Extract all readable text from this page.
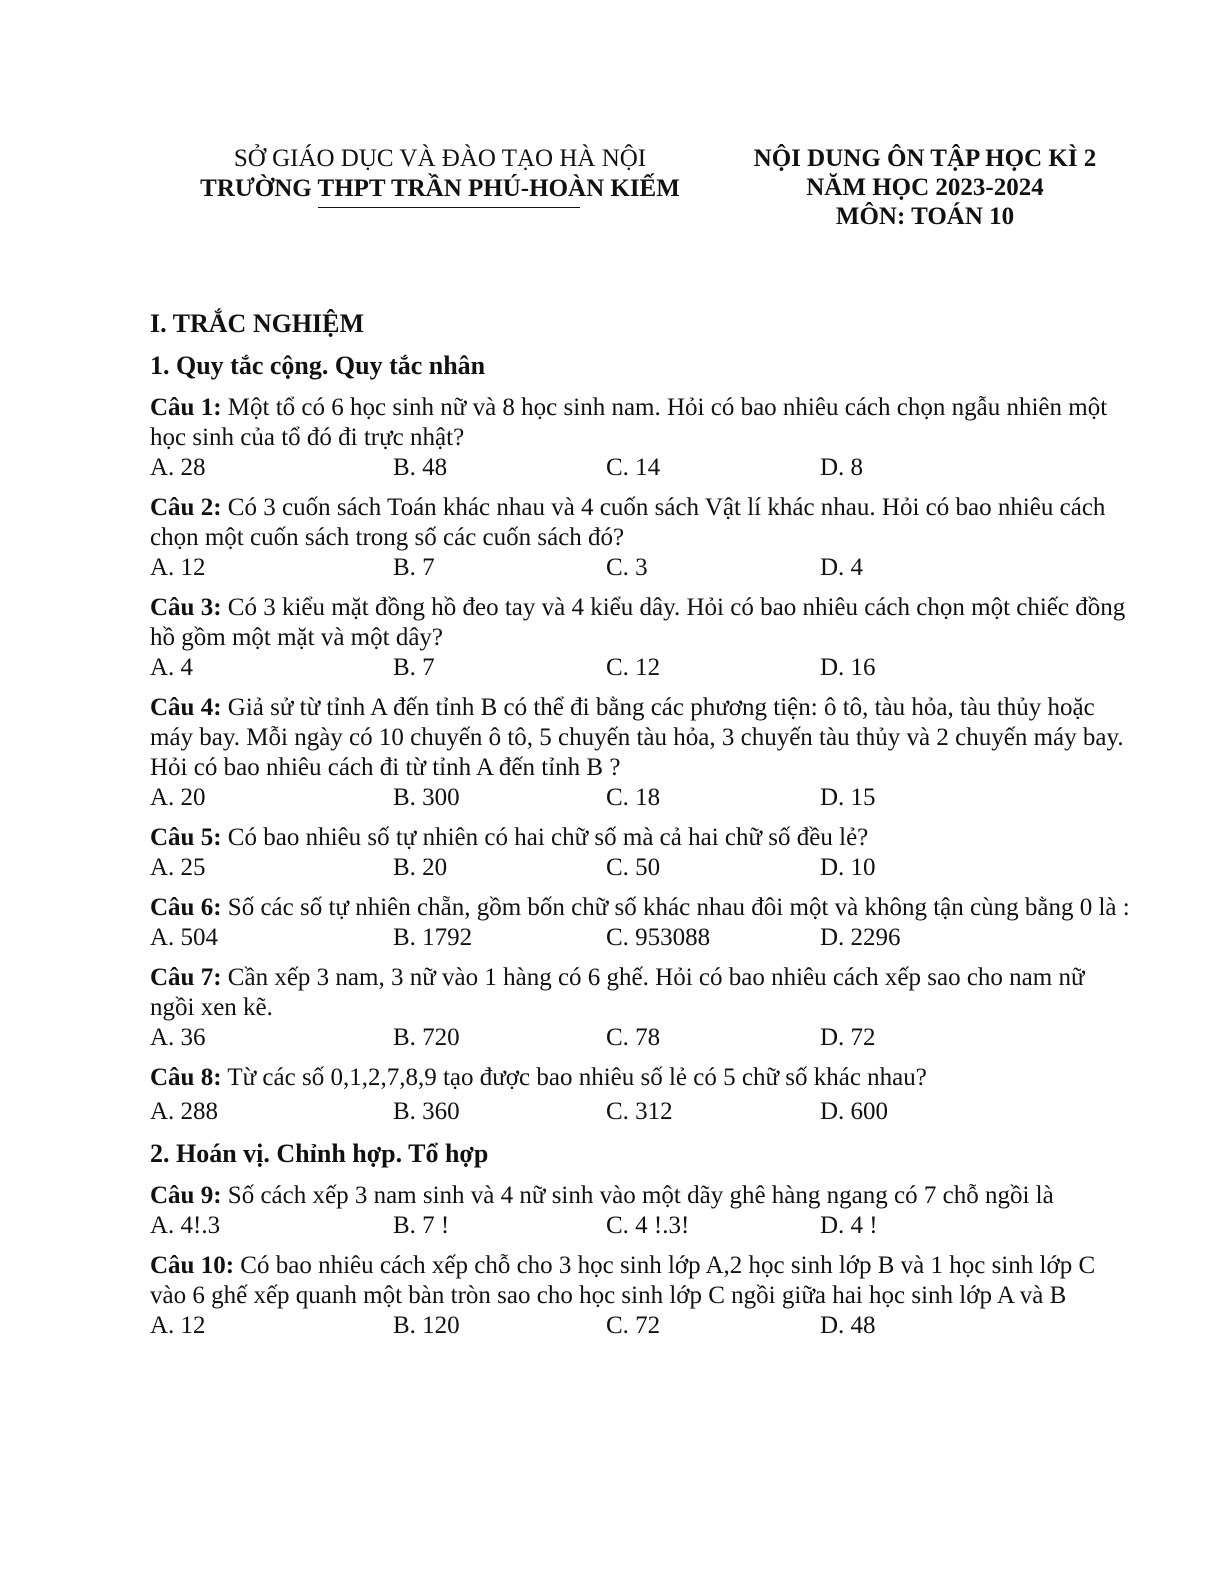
SỞ GIÁO DỤC VÀ ĐÀO TẠO HÀ NỘI
TRƯỜNG THPT TRẦN PHÚ-HOÀN KIẾM
NỘI DUNG ÔN TẬP HỌC KÌ 2
NĂM HỌC 2023-2024
MÔN: TOÁN 10
I. TRẮC NGHIỆM
1. Quy tắc cộng. Quy tắc nhân
Câu 1: Một tổ có 6 học sinh nữ và 8 học sinh nam. Hỏi có bao nhiêu cách chọn ngẫu nhiên một học sinh của tổ đó đi trực nhật?
A. 28	B. 48	C. 14	D. 8
Câu 2: Có 3 cuốn sách Toán khác nhau và 4 cuốn sách Vật lí khác nhau. Hỏi có bao nhiêu cách chọn một cuốn sách trong số các cuốn sách đó?
A. 12	B. 7	C. 3	D. 4
Câu 3: Có 3 kiểu mặt đồng hồ đeo tay và 4 kiểu dây. Hỏi có bao nhiêu cách chọn một chiếc đồng hồ gồm một mặt và một dây?
A. 4	B. 7	C. 12	D. 16
Câu 4: Giả sử từ tỉnh A đến tỉnh B có thể đi bằng các phương tiện: ô tô, tàu hỏa, tàu thủy hoặc máy bay. Mỗi ngày có 10 chuyến ô tô, 5 chuyến tàu hỏa, 3 chuyến tàu thủy và 2 chuyến máy bay. Hỏi có bao nhiêu cách đi từ tỉnh A đến tỉnh B ?
A. 20	B. 300	C. 18	D. 15
Câu 5: Có bao nhiêu số tự nhiên có hai chữ số mà cả hai chữ số đều lẻ?
A. 25	B. 20	C. 50	D. 10
Câu 6: Số các số tự nhiên chẵn, gồm bốn chữ số khác nhau đôi một và không tận cùng bằng 0 là :
A. 504	B. 1792	C. 953088	D. 2296
Câu 7: Cần xếp 3 nam, 3 nữ vào 1 hàng có 6 ghế. Hỏi có bao nhiêu cách xếp sao cho nam nữ ngồi xen kẽ.
A. 36	B. 720	C. 78	D. 72
Câu 8: Từ các số 0,1,2,7,8,9 tạo được bao nhiêu số lẻ có 5 chữ số khác nhau?
A. 288	B. 360	C. 312	D. 600
2. Hoán vị. Chỉnh hợp. Tổ hợp
Câu 9: Số cách xếp 3 nam sinh và 4 nữ sinh vào một dãy ghê hàng ngang có 7 chỗ ngồi là
A. 4!.3	B. 7 !	C. 4 !.3!	D. 4 !
Câu 10: Có bao nhiêu cách xếp chỗ cho 3 học sinh lớp A,2 học sinh lớp B và 1 học sinh lớp C vào 6 ghế xếp quanh một bàn tròn sao cho học sinh lớp C ngồi giữa hai học sinh lớp A và B
A. 12	B. 120	C. 72	D. 48
